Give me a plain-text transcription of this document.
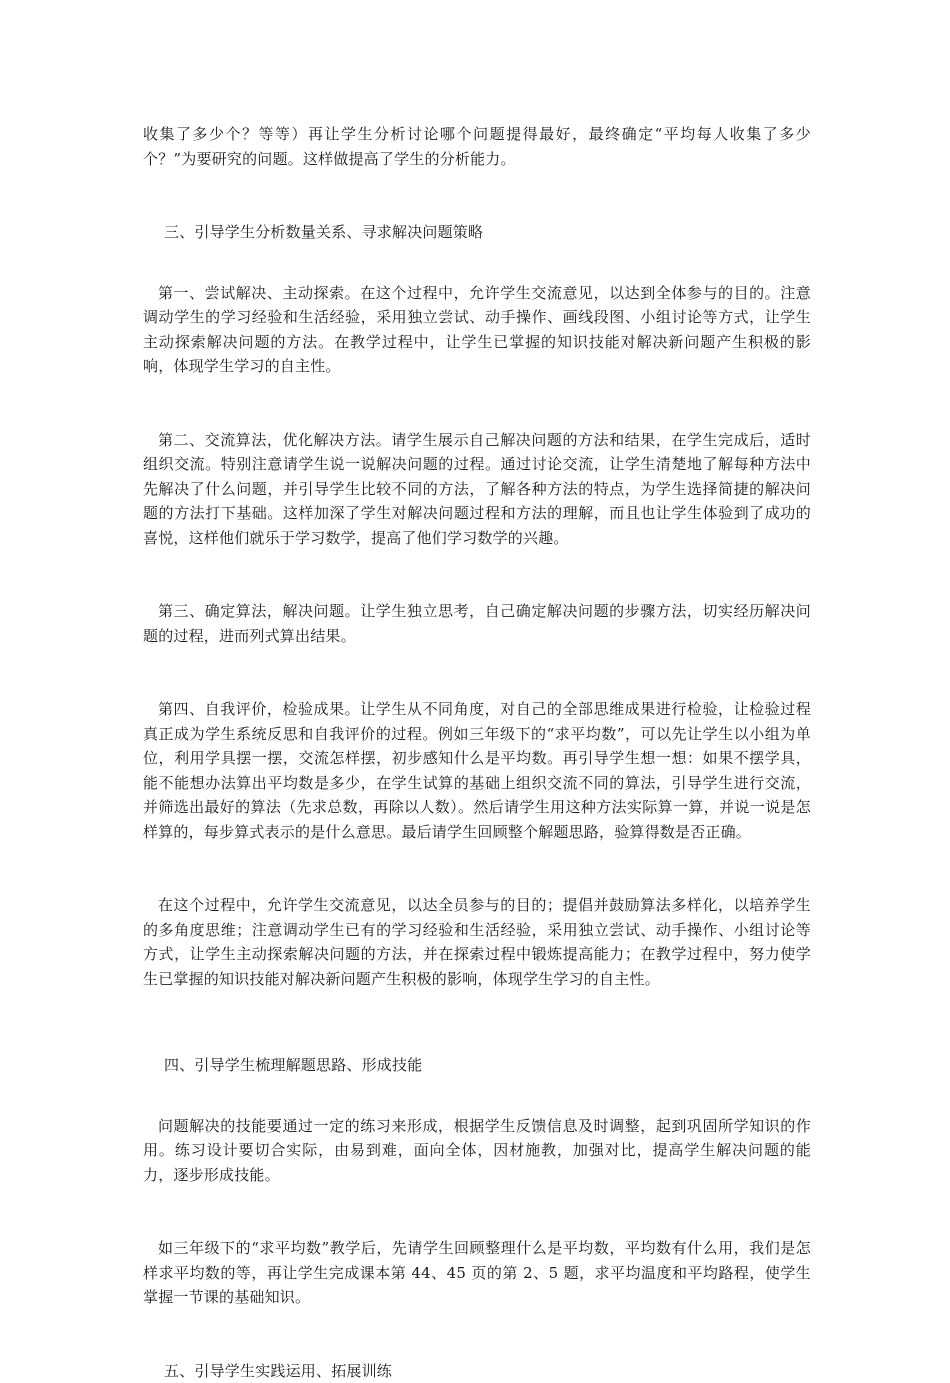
收集了多少个？等等）再让学生分析讨论哪个问题提得最好，最终确定“平均每人收集了多少个？”为要研究的问题。这样做提高了学生的分析能力。

三、引导学生分析数量关系、寻求解决问题策略

第一、尝试解决、主动探索。在这个过程中，允许学生交流意见，以达到全体参与的目的。注意调动学生的学习经验和生活经验，采用独立尝试、动手操作、画线段图、小组讨论等方式，让学生主动探索解决问题的方法。在教学过程中，让学生已掌握的知识技能对解决新问题产生积极的影响，体现学生学习的自主性。

第二、交流算法，优化解决方法。请学生展示自己解决问题的方法和结果，在学生完成后，适时组织交流。特别注意请学生说一说解决问题的过程。通过讨论交流，让学生清楚地了解每种方法中先解决了什么问题，并引导学生比较不同的方法，了解各种方法的特点，为学生选择简捷的解决问题的方法打下基础。这样加深了学生对解决问题过程和方法的理解，而且也让学生体验到了成功的喜悦，这样他们就乐于学习数学，提高了他们学习数学的兴趣。

第三、确定算法，解决问题。让学生独立思考，自己确定解决问题的步骤方法，切实经历解决问题的过程，进而列式算出结果。

第四、自我评价，检验成果。让学生从不同角度，对自己的全部思维成果进行检验，让检验过程真正成为学生系统反思和自我评价的过程。例如三年级下的“求平均数”，可以先让学生以小组为单位，利用学具摆一摆，交流怎样摆，初步感知什么是平均数。再引导学生想一想：如果不摆学具，能不能想办法算出平均数是多少，在学生试算的基础上组织交流不同的算法，引导学生进行交流，并筛选出最好的算法（先求总数，再除以人数）。然后请学生用这种方法实际算一算，并说一说是怎样算的，每步算式表示的是什么意思。最后请学生回顾整个解题思路，验算得数是否正确。

在这个过程中，允许学生交流意见，以达全员参与的目的；提倡并鼓励算法多样化，以培养学生的多角度思维；注意调动学生已有的学习经验和生活经验，采用独立尝试、动手操作、小组讨论等方式，让学生主动探索解决问题的方法，并在探索过程中锻炼提高能力；在教学过程中，努力使学生已掌握的知识技能对解决新问题产生积极的影响，体现学生学习的自主性。

四、引导学生梳理解题思路、形成技能

问题解决的技能要通过一定的练习来形成，根据学生反馈信息及时调整，起到巩固所学知识的作用。练习设计要切合实际，由易到难，面向全体，因材施教，加强对比，提高学生解决问题的能力，逐步形成技能。

如三年级下的“求平均数”教学后，先请学生回顾整理什么是平均数，平均数有什么用，我们是怎样求平均数的等，再让学生完成课本第 44、45 页的第 2、5 题，求平均温度和平均路程，使学生掌握一节课的基础知识。

五、引导学生实践运用、拓展训练
